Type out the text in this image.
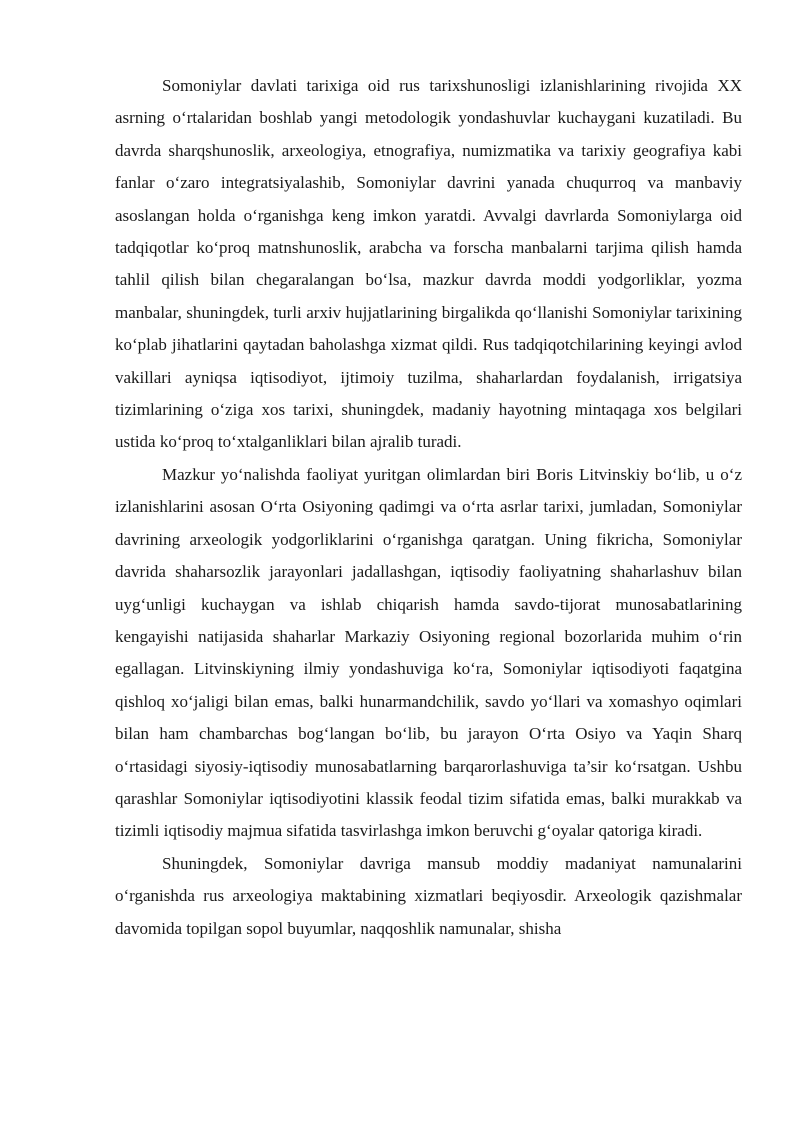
Somoniylar davlati tarixiga oid rus tarixshunosligi izlanishlarining rivojida XX asrning o‘rtalaridan boshlab yangi metodologik yondashuvlar kuchaygani kuzatiladi. Bu davrda sharqshunoslik, arxeologiya, etnografiya, numizmatika va tarixiy geografiya kabi fanlar o‘zaro integratsiyalashib, Somoniylar davrini yanada chuqurroq va manbaviy asoslangan holda o‘rganishga keng imkon yaratdi. Avvalgi davrlarda Somoniylarga oid tadqiqotlar ko‘proq matnshunoslik, arabcha va forscha manbalarni tarjima qilish hamda tahlil qilish bilan chegaralangan bo‘lsa, mazkur davrda moddi yodgorliklar, yozma manbalar, shuningdek, turli arxiv hujjatlarining birgalikda qo‘llanishi Somoniylar tarixining ko‘plab jihatlarini qaytadan baholashga xizmat qildi. Rus tadqiqotchilarining keyingi avlod vakillari ayniqsa iqtisodiyot, ijtimoiy tuzilma, shaharlardan foydalanish, irrigatsiya tizimlarining o‘ziga xos tarixi, shuningdek, madaniy hayotning mintaqaga xos belgilari ustida ko‘proq to‘xtalganliklari bilan ajralib turadi.

Mazkur yo‘nalishda faoliyat yuritgan olimlardan biri Boris Litvinskiy bo‘lib, u o‘z izlanishlarini asosan O‘rta Osiyoning qadimgi va o‘rta asrlar tarixi, jumladan, Somoniylar davrining arxeologik yodgorliklarini o‘rganishga qaratgan. Uning fikricha, Somoniylar davrida shaharsozlik jarayonlari jadallashgan, iqtisodiy faoliyatning shaharlashuv bilan uyg‘unligi kuchaygan va ishlab chiqarish hamda savdo-tijorat munosabatlarining kengayishi natijasida shaharlar Markaziy Osiyoning regional bozorlarida muhim o‘rin egallagan. Litvinskiyning ilmiy yondashuviga ko‘ra, Somoniylar iqtisodiyoti faqatgina qishloq xo‘jaligi bilan emas, balki hunarmandchilik, savdo yo‘llari va xomashyo oqimlari bilan ham chambarchas bog‘langan bo‘lib, bu jarayon O‘rta Osiyo va Yaqin Sharq o‘rtasidagi siyosiy-iqtisodiy munosabatlarning barqarorlashuviga ta’sir ko‘rsatgan. Ushbu qarashlar Somoniylar iqtisodiyotini klassik feodal tizim sifatida emas, balki murakkab va tizimli iqtisodiy majmua sifatida tasvirlashga imkon beruvchi g‘oyalar qatoriga kiradi.

Shuningdek, Somoniylar davriga mansub moddiy madaniyat namunalarini o‘rganishda rus arxeologiya maktabining xizmatlari beqiyosdir. Arxeologik qazishmalar davomida topilgan sopol buyumlar, naqqoshlik namunalar, shisha
